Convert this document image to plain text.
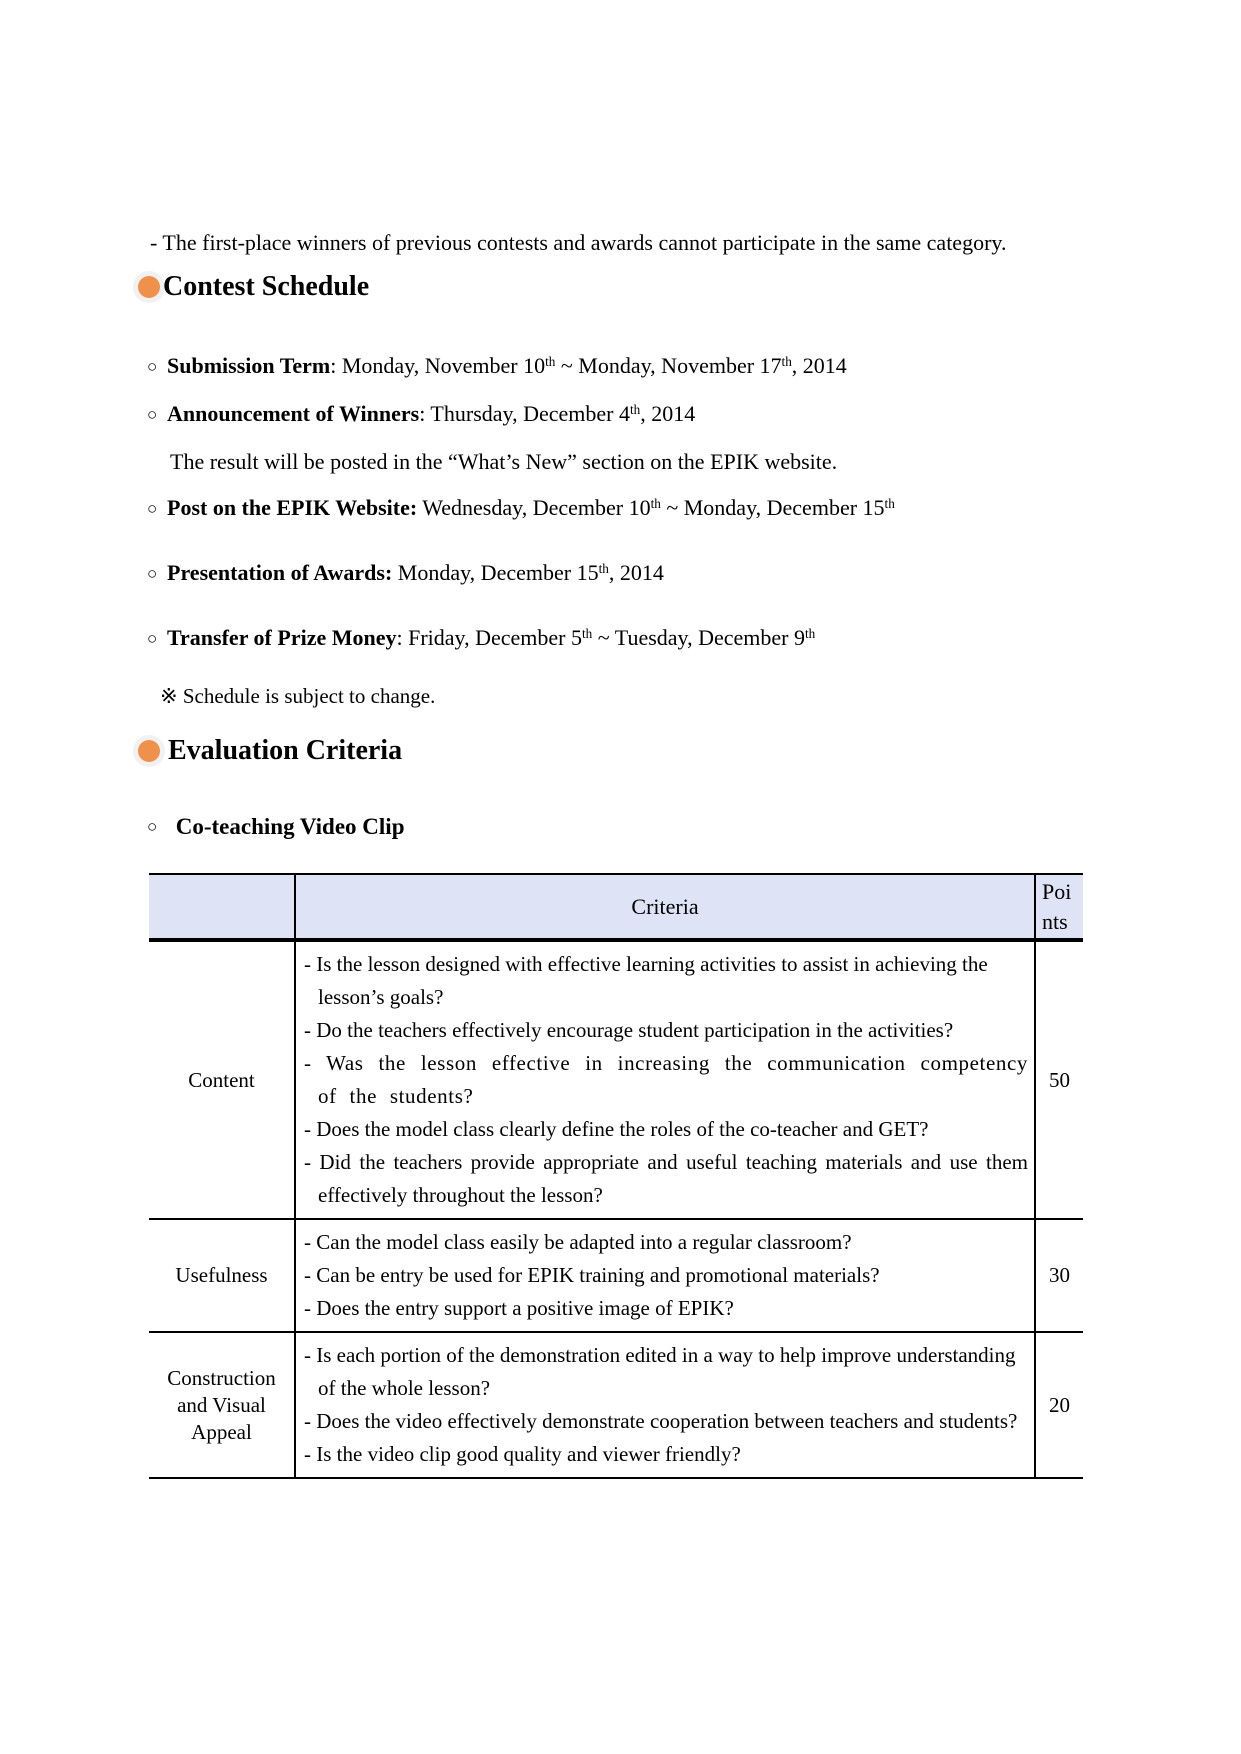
- The first-place winners of previous contests and awards cannot participate in the same category.

Contest Schedule
○ Submission Term: Monday, November 10th ~ Monday, November 17th, 2014
○ Announcement of Winners: Thursday, December 4th, 2014
The result will be posted in the “What’s New” section on the EPIK website.
○ Post on the EPIK Website: Wednesday, December 10th ~ Monday, December 15th
○ Presentation of Awards: Monday, December 15th, 2014
○ Transfer of Prize Money: Friday, December 5th ~ Tuesday, December 9th
※ Schedule is subject to change.
Evaluation Criteria
○ Co-teaching Video Clip
	Criteria	Poi
nts

Content	- Is the lesson designed with effective learning activities to assist in achieving the lesson’s goals?
- Do the teachers effectively encourage student participation in the activities?
- Was the lesson effective in increasing the communication competency of the students?
- Does the model class clearly define the roles of the co-teacher and GET?
- Did the teachers provide appropriate and useful teaching materials and use them effectively throughout the lesson?	50
Usefulness	- Can the model class easily be adapted into a regular classroom?
- Can be entry be used for EPIK training and promotional materials?
- Does the entry support a positive image of EPIK?	30
Construction and Visual Appeal	- Is each portion of the demonstration edited in a way to help improve understanding of the whole lesson?
- Does the video effectively demonstrate cooperation between teachers and students?
- Is the video clip good quality and viewer friendly?	20
